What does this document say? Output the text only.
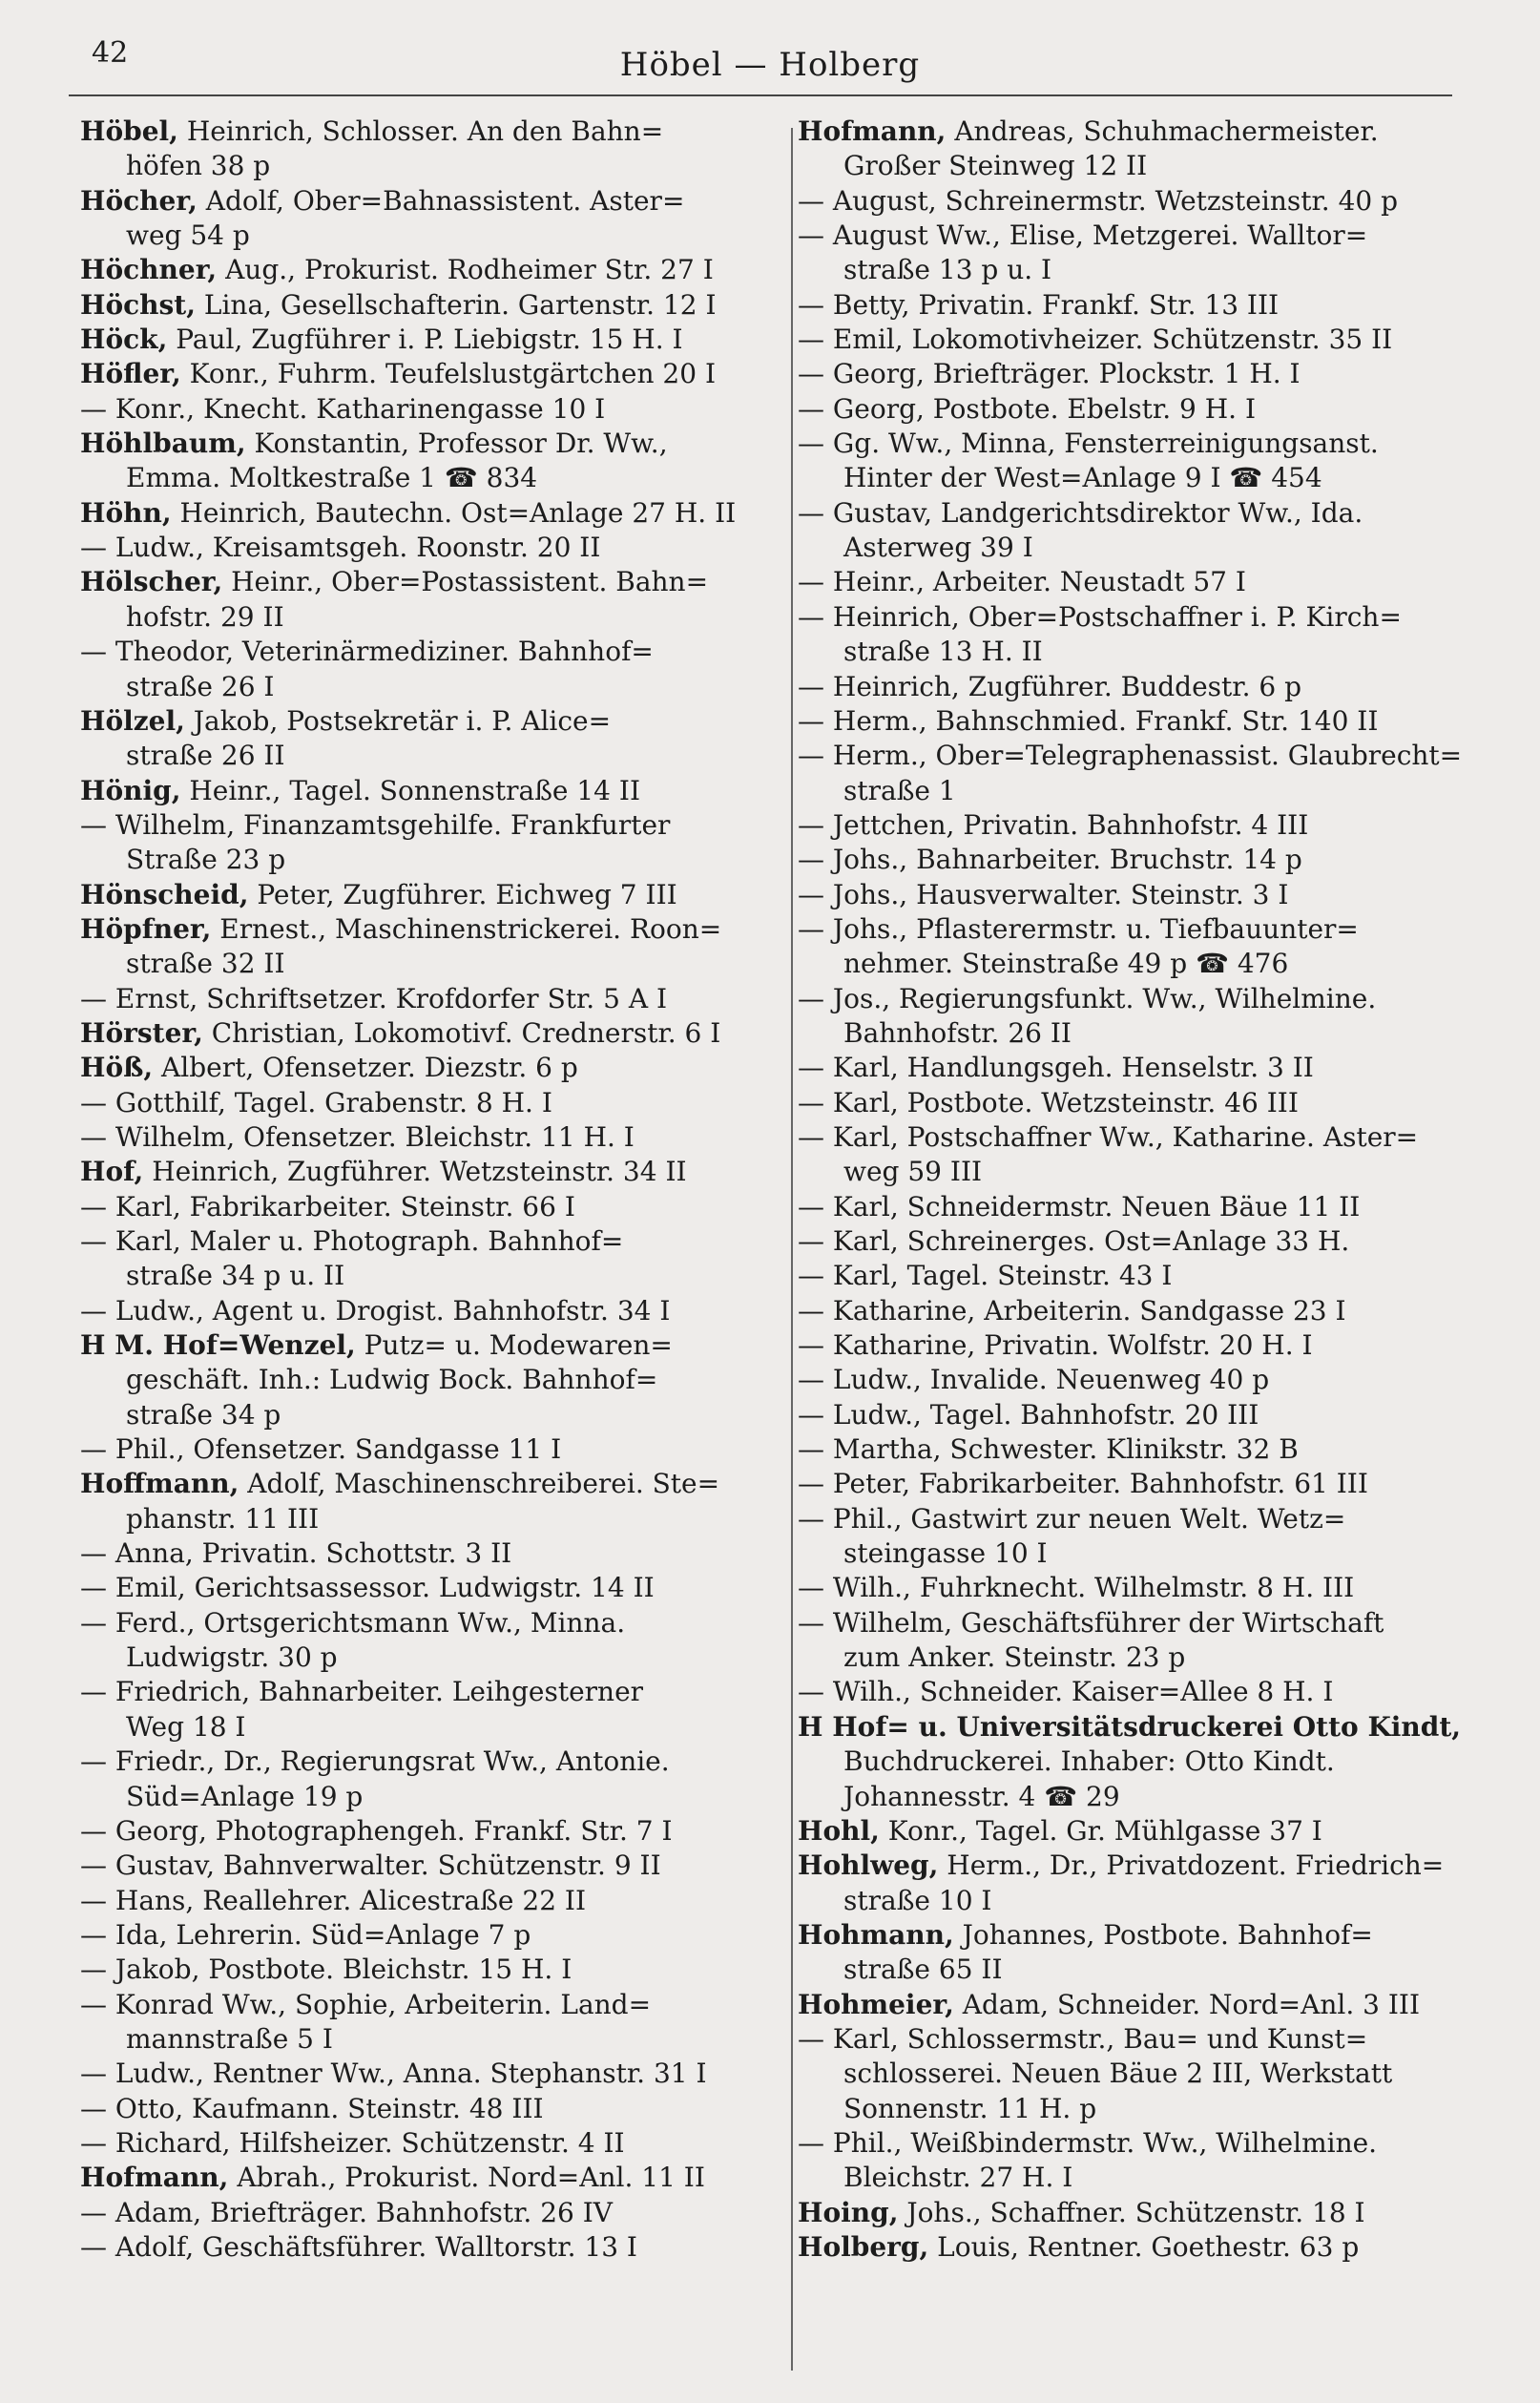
42	Höbel — Holberg
Höbel, Heinrich, Schlosser. An den Bahn=
höfen 38 p
Höcher, Adolf, Ober=Bahnassistent. Aster=
weg 54 p
Höchner, Aug., Prokurist. Rodheimer Str. 27 I
Höchst, Lina, Gesellschafterin. Gartenstr. 12 I
Höck, Paul, Zugführer i. P. Liebigstr. 15 H. I
Höfler, Konr., Fuhrm. Teufelslustgärtchen 20 I
— Konr., Knecht. Katharinengasse 10 I
Höhlbaum, Konstantin, Professor Dr. Ww.,
Emma. Moltkestraße 1 ☎ 834
Höhn, Heinrich, Bautechn. Ost=Anlage 27 H. II
— Ludw., Kreisamtsgeh. Roonstr. 20 II
Hölscher, Heinr., Ober=Postassistent. Bahn=
hofstr. 29 II
— Theodor, Veterinärmediziner. Bahnhof=
straße 26 I
Hölzel, Jakob, Postsekretär i. P. Alice=
straße 26 II
Hönig, Heinr., Tagel. Sonnenstraße 14 II
— Wilhelm, Finanzamtsgehilfe. Frankfurter
Straße 23 p
Hönscheid, Peter, Zugführer. Eichweg 7 III
Höpfner, Ernest., Maschinenstrickerei. Roon=
straße 32 II
— Ernst, Schriftsetzer. Krofdorfer Str. 5 A I
Hörster, Christian, Lokomotivf. Crednerstr. 6 I
Höß, Albert, Ofensetzer. Diezstr. 6 p
— Gotthilf, Tagel. Grabenstr. 8 H. I
— Wilhelm, Ofensetzer. Bleichstr. 11 H. I
Hof, Heinrich, Zugführer. Wetzsteinstr. 34 II
— Karl, Fabrikarbeiter. Steinstr. 66 I
— Karl, Maler u. Photograph. Bahnhof=
straße 34 p u. II
— Ludw., Agent u. Drogist. Bahnhofstr. 34 I
H M. Hof=Wenzel, Putz= u. Modewaren=
geschäft. Inh.: Ludwig Bock. Bahnhof=
straße 34 p
— Phil., Ofensetzer. Sandgasse 11 I
Hoffmann, Adolf, Maschinenschreiberei. Ste=
phanstr. 11 III
— Anna, Privatin. Schottstr. 3 II
— Emil, Gerichtsassessor. Ludwigstr. 14 II
— Ferd., Ortsgerichtsmann Ww., Minna.
Ludwigstr. 30 p
— Friedrich, Bahnarbeiter. Leihgesterner
Weg 18 I
— Friedr., Dr., Regierungsrat Ww., Antonie.
Süd=Anlage 19 p
— Georg, Photographengeh. Frankf. Str. 7 I
— Gustav, Bahnverwalter. Schützenstr. 9 II
— Hans, Reallehrer. Alicestraße 22 II
— Ida, Lehrerin. Süd=Anlage 7 p
— Jakob, Postbote. Bleichstr. 15 H. I
— Konrad Ww., Sophie, Arbeiterin. Land=
mannstraße 5 I
— Ludw., Rentner Ww., Anna. Stephanstr. 31 I
— Otto, Kaufmann. Steinstr. 48 III
— Richard, Hilfsheizer. Schützenstr. 4 II
Hofmann, Abrah., Prokurist. Nord=Anl. 11 II
— Adam, Briefträger. Bahnhofstr. 26 IV
— Adolf, Geschäftsführer. Walltorstr. 13 I
Hofmann, Andreas, Schuhmachermeister.
Großer Steinweg 12 II
— August, Schreinermstr. Wetzsteinstr. 40 p
— August Ww., Elise, Metzgerei. Walltor=
straße 13 p u. I
— Betty, Privatin. Frankf. Str. 13 III
— Emil, Lokomotivheizer. Schützenstr. 35 II
— Georg, Briefträger. Plockstr. 1 H. I
— Georg, Postbote. Ebelstr. 9 H. I
— Gg. Ww., Minna, Fensterreinigungsanst.
Hinter der West=Anlage 9 I ☎ 454
— Gustav, Landgerichtsdirektor Ww., Ida.
Asterweg 39 I
— Heinr., Arbeiter. Neustadt 57 I
— Heinrich, Ober=Postschaffner i. P. Kirch=
straße 13 H. II
— Heinrich, Zugführer. Buddestr. 6 p
— Herm., Bahnschmied. Frankf. Str. 140 II
— Herm., Ober=Telegraphenassist. Glaubrecht=
straße 1
— Jettchen, Privatin. Bahnhofstr. 4 III
— Johs., Bahnarbeiter. Bruchstr. 14 p
— Johs., Hausverwalter. Steinstr. 3 I
— Johs., Pflasterermstr. u. Tiefbauunter=
nehmer. Steinstraße 49 p ☎ 476
— Jos., Regierungsfunkt. Ww., Wilhelmine.
Bahnhofstr. 26 II
— Karl, Handlungsgeh. Henselstr. 3 II
— Karl, Postbote. Wetzsteinstr. 46 III
— Karl, Postschaffner Ww., Katharine. Aster=
weg 59 III
— Karl, Schneidermstr. Neuen Bäue 11 II
— Karl, Schreinerges. Ost=Anlage 33 H.
— Karl, Tagel. Steinstr. 43 I
— Katharine, Arbeiterin. Sandgasse 23 I
— Katharine, Privatin. Wolfstr. 20 H. I
— Ludw., Invalide. Neuenweg 40 p
— Ludw., Tagel. Bahnhofstr. 20 III
— Martha, Schwester. Klinikstr. 32 B
— Peter, Fabrikarbeiter. Bahnhofstr. 61 III
— Phil., Gastwirt zur neuen Welt. Wetz=
steingasse 10 I
— Wilh., Fuhrknecht. Wilhelmstr. 8 H. III
— Wilhelm, Geschäftsführer der Wirtschaft
zum Anker. Steinstr. 23 p
— Wilh., Schneider. Kaiser=Allee 8 H. I
H Hof= u. Universitätsdruckerei Otto Kindt,
Buchdruckerei. Inhaber: Otto Kindt.
Johannesstr. 4 ☎ 29
Hohl, Konr., Tagel. Gr. Mühlgasse 37 I
Hohlweg, Herm., Dr., Privatdozent. Friedrich=
straße 10 I
Hohmann, Johannes, Postbote. Bahnhof=
straße 65 II
Hohmeier, Adam, Schneider. Nord=Anl. 3 III
— Karl, Schlossermstr., Bau= und Kunst=
schlosserei. Neuen Bäue 2 III, Werkstatt
Sonnenstr. 11 H. p
— Phil., Weißbindermstr. Ww., Wilhelmine.
Bleichstr. 27 H. I
Hoing, Johs., Schaffner. Schützenstr. 18 I
Holberg, Louis, Rentner. Goethestr. 63 p
